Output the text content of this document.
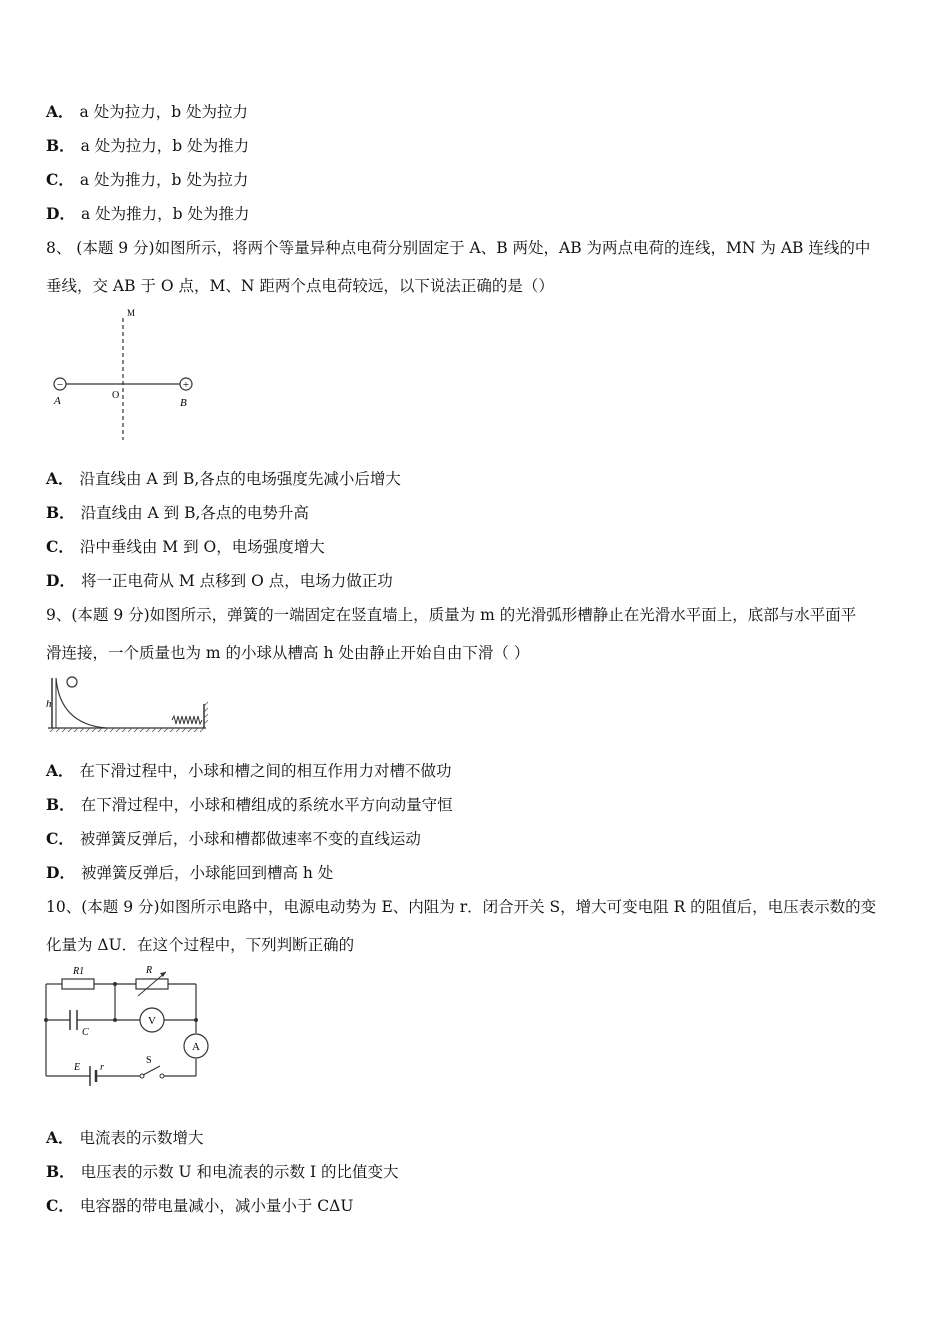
A． a 处为拉力，b 处为拉力
B． a 处为拉力，b 处为推力
C． a 处为推力，b 处为拉力
D． a 处为推力，b 处为推力
8、 (本题 9 分)如图所示，将两个等量异种点电荷分别固定于 A、B 两处，AB 为两点电荷的连线，MN 为 AB 连线的中
垂线，交 AB 于 O 点，M、N 距两个点电荷较远，以下说法正确的是（）
−	+
M
O
A	B
A． 沿直线由 A 到 B,各点的电场强度先减小后增大
B． 沿直线由 A 到 B,各点的电势升高
C． 沿中垂线由 M 到 O，电场强度增大
D． 将一正电荷从 M 点移到 O 点，电场力做正功
9、(本题 9 分)如图所示，弹簧的一端固定在竖直墙上，质量为 m 的光滑弧形槽静止在光滑水平面上，底部与水平面平
滑连接，一个质量也为 m 的小球从槽高 h 处由静止开始自由下滑（ ）
h
A． 在下滑过程中，小球和槽之间的相互作用力对槽不做功
B． 在下滑过程中，小球和槽组成的系统水平方向动量守恒
C． 被弹簧反弹后，小球和槽都做速率不变的直线运动
D． 被弹簧反弹后，小球能回到槽高 h 处
10、(本题 9 分)如图所示电路中，电源电动势为 E、内阻为 r．闭合开关 S，增大可变电阻 R 的阻值后，电压表示数的变
化量为 ΔU．在这个过程中，下列判断正确的
R1	R
C
V
A
E r
S
A． 电流表的示数增大
B． 电压表的示数 U 和电流表的示数 I 的比值变大
C． 电容器的带电量减小，减小量小于 CΔU
